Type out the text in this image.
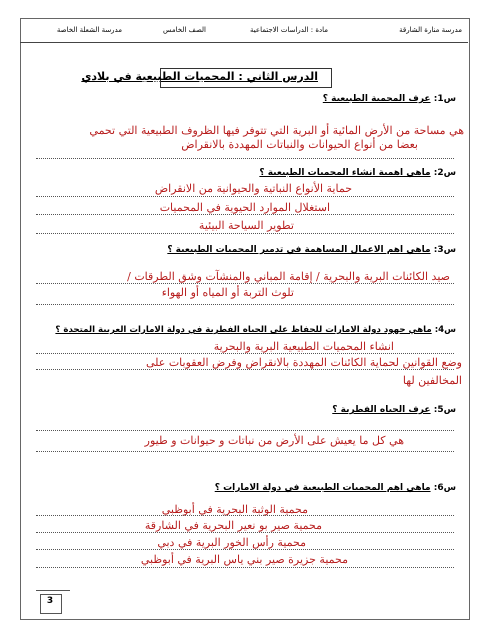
مدرسة منارة الشارقة
مادة : الدراسات الاجتماعية
الصف الخامس
مدرسة الشعلة الخاصة
الدرس الثاني : المحميات الطبيعية في بلادي
س1: عرف المحمية الطبيعية ؟
هي مساحة من الأرض المائية أو البرية التي تتوفر فيها الظروف الطبيعية التي تحمي
بعضا من أنواع الحيوانات والنباتات المهددة بالانقراض
س2: ماهي اهمية انشاء المحميات الطبيعية ؟
حماية الأنواع النباتية والحيوانية من الانقراض
استغلال الموارد الحيوية في المحميات
تطوير السياحة البيئية
س3: ماهي اهم الاعمال المساهمة في تدمير المحميات الطبيعية ؟
صيد الكائنات البرية والبحرية / إقامة المباني والمنشآت وشق الطرقات /
تلوث التربة أو المياه أو الهواء
س4: ماهي جهود دولة الامارات للحفاظ على الحياه الفطرية في دولة الامارات العربية المتحدة ؟
انشاء المحميات الطبيعية البرية والبحرية
وضع القوانين لحماية الكائنات المهددة بالانقراض وفرض العقوبات على
المخالفين لها
س5: عرف الحياه الفطرية ؟
هي كل ما يعيش على الأرض من نباتات و حيوانات و طيور
س6: ماهي اهم المحميات الطبيعية في دولة الامارات ؟
محمية الوثبة البحرية في أبوظبي
محمية صير بو نعير البحرية في الشارقة
محمية رأس الخور البرية في دبي
محمية جزيرة صير بني ياس البرية في أبوظبي
3
